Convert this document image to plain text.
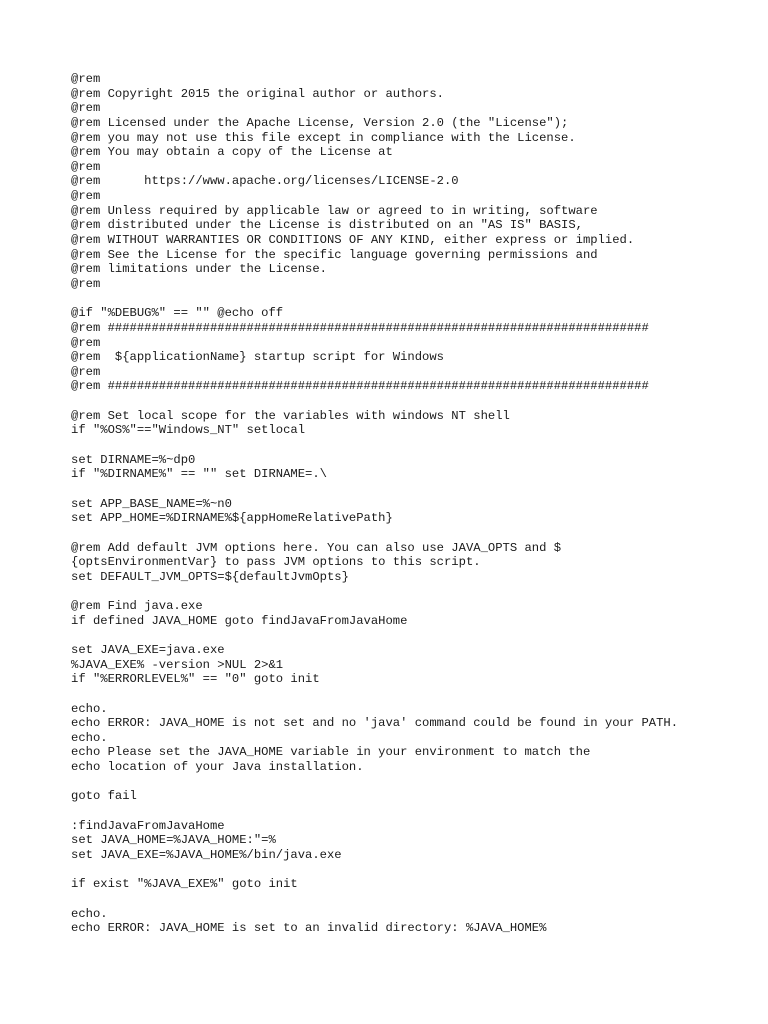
@rem
@rem Copyright 2015 the original author or authors.
@rem
@rem Licensed under the Apache License, Version 2.0 (the "License");
@rem you may not use this file except in compliance with the License.
@rem You may obtain a copy of the License at
@rem
@rem      https://www.apache.org/licenses/LICENSE-2.0
@rem
@rem Unless required by applicable law or agreed to in writing, software
@rem distributed under the License is distributed on an "AS IS" BASIS,
@rem WITHOUT WARRANTIES OR CONDITIONS OF ANY KIND, either express or implied.
@rem See the License for the specific language governing permissions and
@rem limitations under the License.
@rem
@if "%DEBUG%" == "" @echo off
@rem ##########################################################################
@rem
@rem  ${applicationName} startup script for Windows
@rem
@rem ##########################################################################
@rem Set local scope for the variables with windows NT shell
if "%OS%"=="Windows_NT" setlocal
set DIRNAME=%~dp0
if "%DIRNAME%" == "" set DIRNAME=.\
set APP_BASE_NAME=%~n0
set APP_HOME=%DIRNAME%${appHomeRelativePath}
@rem Add default JVM options here. You can also use JAVA_OPTS and $
{optsEnvironmentVar} to pass JVM options to this script.
set DEFAULT_JVM_OPTS=${defaultJvmOpts}
@rem Find java.exe
if defined JAVA_HOME goto findJavaFromJavaHome
set JAVA_EXE=java.exe
%JAVA_EXE% -version >NUL 2>&1
if "%ERRORLEVEL%" == "0" goto init
echo.
echo ERROR: JAVA_HOME is not set and no 'java' command could be found in your PATH.
echo.
echo Please set the JAVA_HOME variable in your environment to match the
echo location of your Java installation.
goto fail
:findJavaFromJavaHome
set JAVA_HOME=%JAVA_HOME:"=%
set JAVA_EXE=%JAVA_HOME%/bin/java.exe
if exist "%JAVA_EXE%" goto init
echo.
echo ERROR: JAVA_HOME is set to an invalid directory: %JAVA_HOME%
